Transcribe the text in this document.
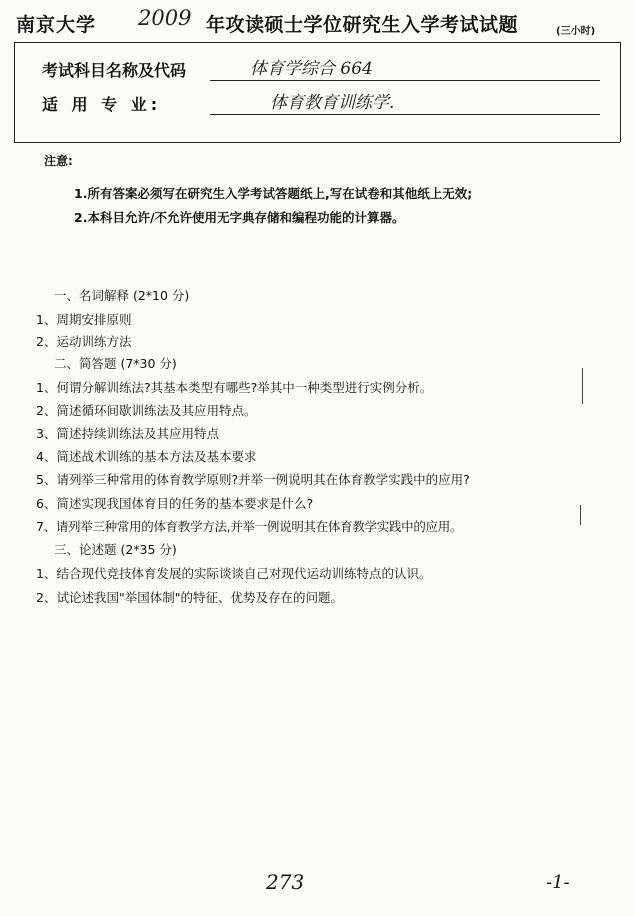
南京大学 2009 年攻读硕士学位研究生入学考试试题	(三小时)
考试科目名称及代码	体育学综合 664
适 用 专 业:	体育教育训练学.
注意:
1.所有答案必须写在研究生入学考试答题纸上,写在试卷和其他纸上无效;
2.本科目允许/不允许使用无字典存储和编程功能的计算器。
一、名词解释 (2*10 分)
1、周期安排原则
2、运动训练方法
二、简答题 (7*30 分)
1、何谓分解训练法?其基本类型有哪些?举其中一种类型进行实例分析。
2、简述循环间歇训练法及其应用特点。
3、简述持续训练法及其应用特点
4、简述战术训练的基本方法及基本要求
5、请列举三种常用的体育教学原则?并举一例说明其在体育教学实践中的应用?
6、简述实现我国体育目的任务的基本要求是什么?
7、请列举三种常用的体育教学方法,并举一例说明其在体育教学实践中的应用。
三、论述题 (2*35 分)
1、结合现代竞技体育发展的实际谈谈自己对现代运动训练特点的认识。
2、试论述我国"举国体制"的特征、优势及存在的问题。
273	-1-
